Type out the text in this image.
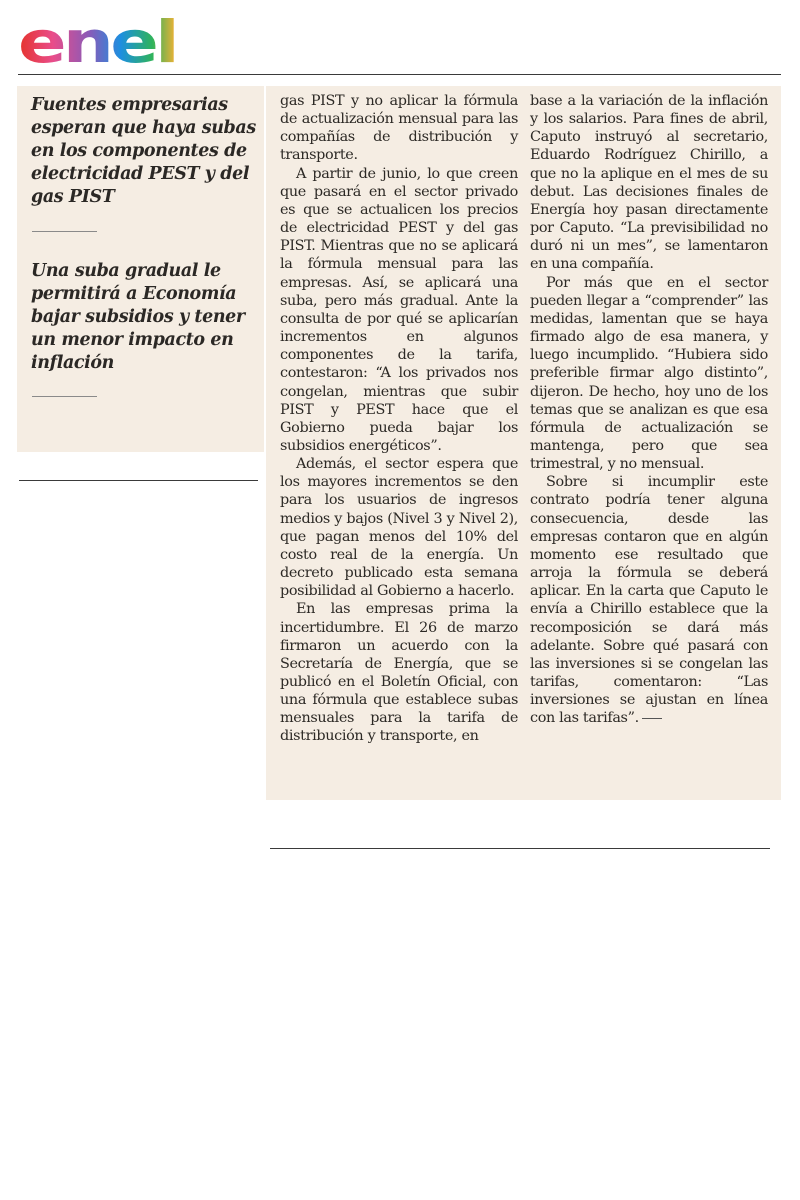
enel
Fuentes empresarias esperan que haya subas en los componentes de electricidad PEST y del gas PIST
Una suba gradual le permitirá a Economía bajar subsidios y tener un menor impacto en inflación

gas PIST y no aplicar la fórmula de actualización mensual para las compañías de distribución y transporte.

A partir de junio, lo que creen que pasará en el sector privado es que se actualicen los precios de electricidad PEST y del gas PIST. Mientras que no se aplicará la fórmula mensual para las empresas. Así, se aplicará una suba, pero más gradual. Ante la consulta de por qué se aplicarían incrementos en algunos componentes de la tarifa, contestaron: “A los privados nos congelan, mientras que subir PIST y PEST hace que el Gobierno pueda bajar los subsidios energéticos”.

Además, el sector espera que los mayores incrementos se den para los usuarios de ingresos medios y bajos (Nivel 3 y Nivel 2), que pagan menos del 10% del costo real de la energía. Un decreto publicado esta semana posibilidad al Gobierno a hacerlo.

En las empresas prima la incertidumbre. El 26 de marzo firmaron un acuerdo con la Secretaría de Energía, que se publicó en el Boletín Oficial, con una fórmula que establece subas mensuales para la tarifa de distribución y transporte, en

base a la variación de la inflación y los salarios. Para fines de abril, Caputo instruyó al secretario, Eduardo Rodríguez Chirillo, a que no la aplique en el mes de su debut. Las decisiones finales de Energía hoy pasan directamente por Caputo. “La previsibilidad no duró ni un mes”, se lamentaron en una compañía.

Por más que en el sector pueden llegar a “comprender” las medidas, lamentan que se haya firmado algo de esa manera, y luego incumplido. “Hubiera sido preferible firmar algo distinto”, dijeron. De hecho, hoy uno de los temas que se analizan es que esa fórmula de actualización se mantenga, pero que sea trimestral, y no mensual.

Sobre si incumplir este contrato podría tener alguna consecuencia, desde las empresas contaron que en algún momento ese resultado que arroja la fórmula se deberá aplicar. En la carta que Caputo le envía a Chirillo establece que la recomposición se dará más adelante. Sobre qué pasará con las inversiones si se congelan las tarifas, comentaron: “Las inversiones se ajustan en línea con las tarifas”.
